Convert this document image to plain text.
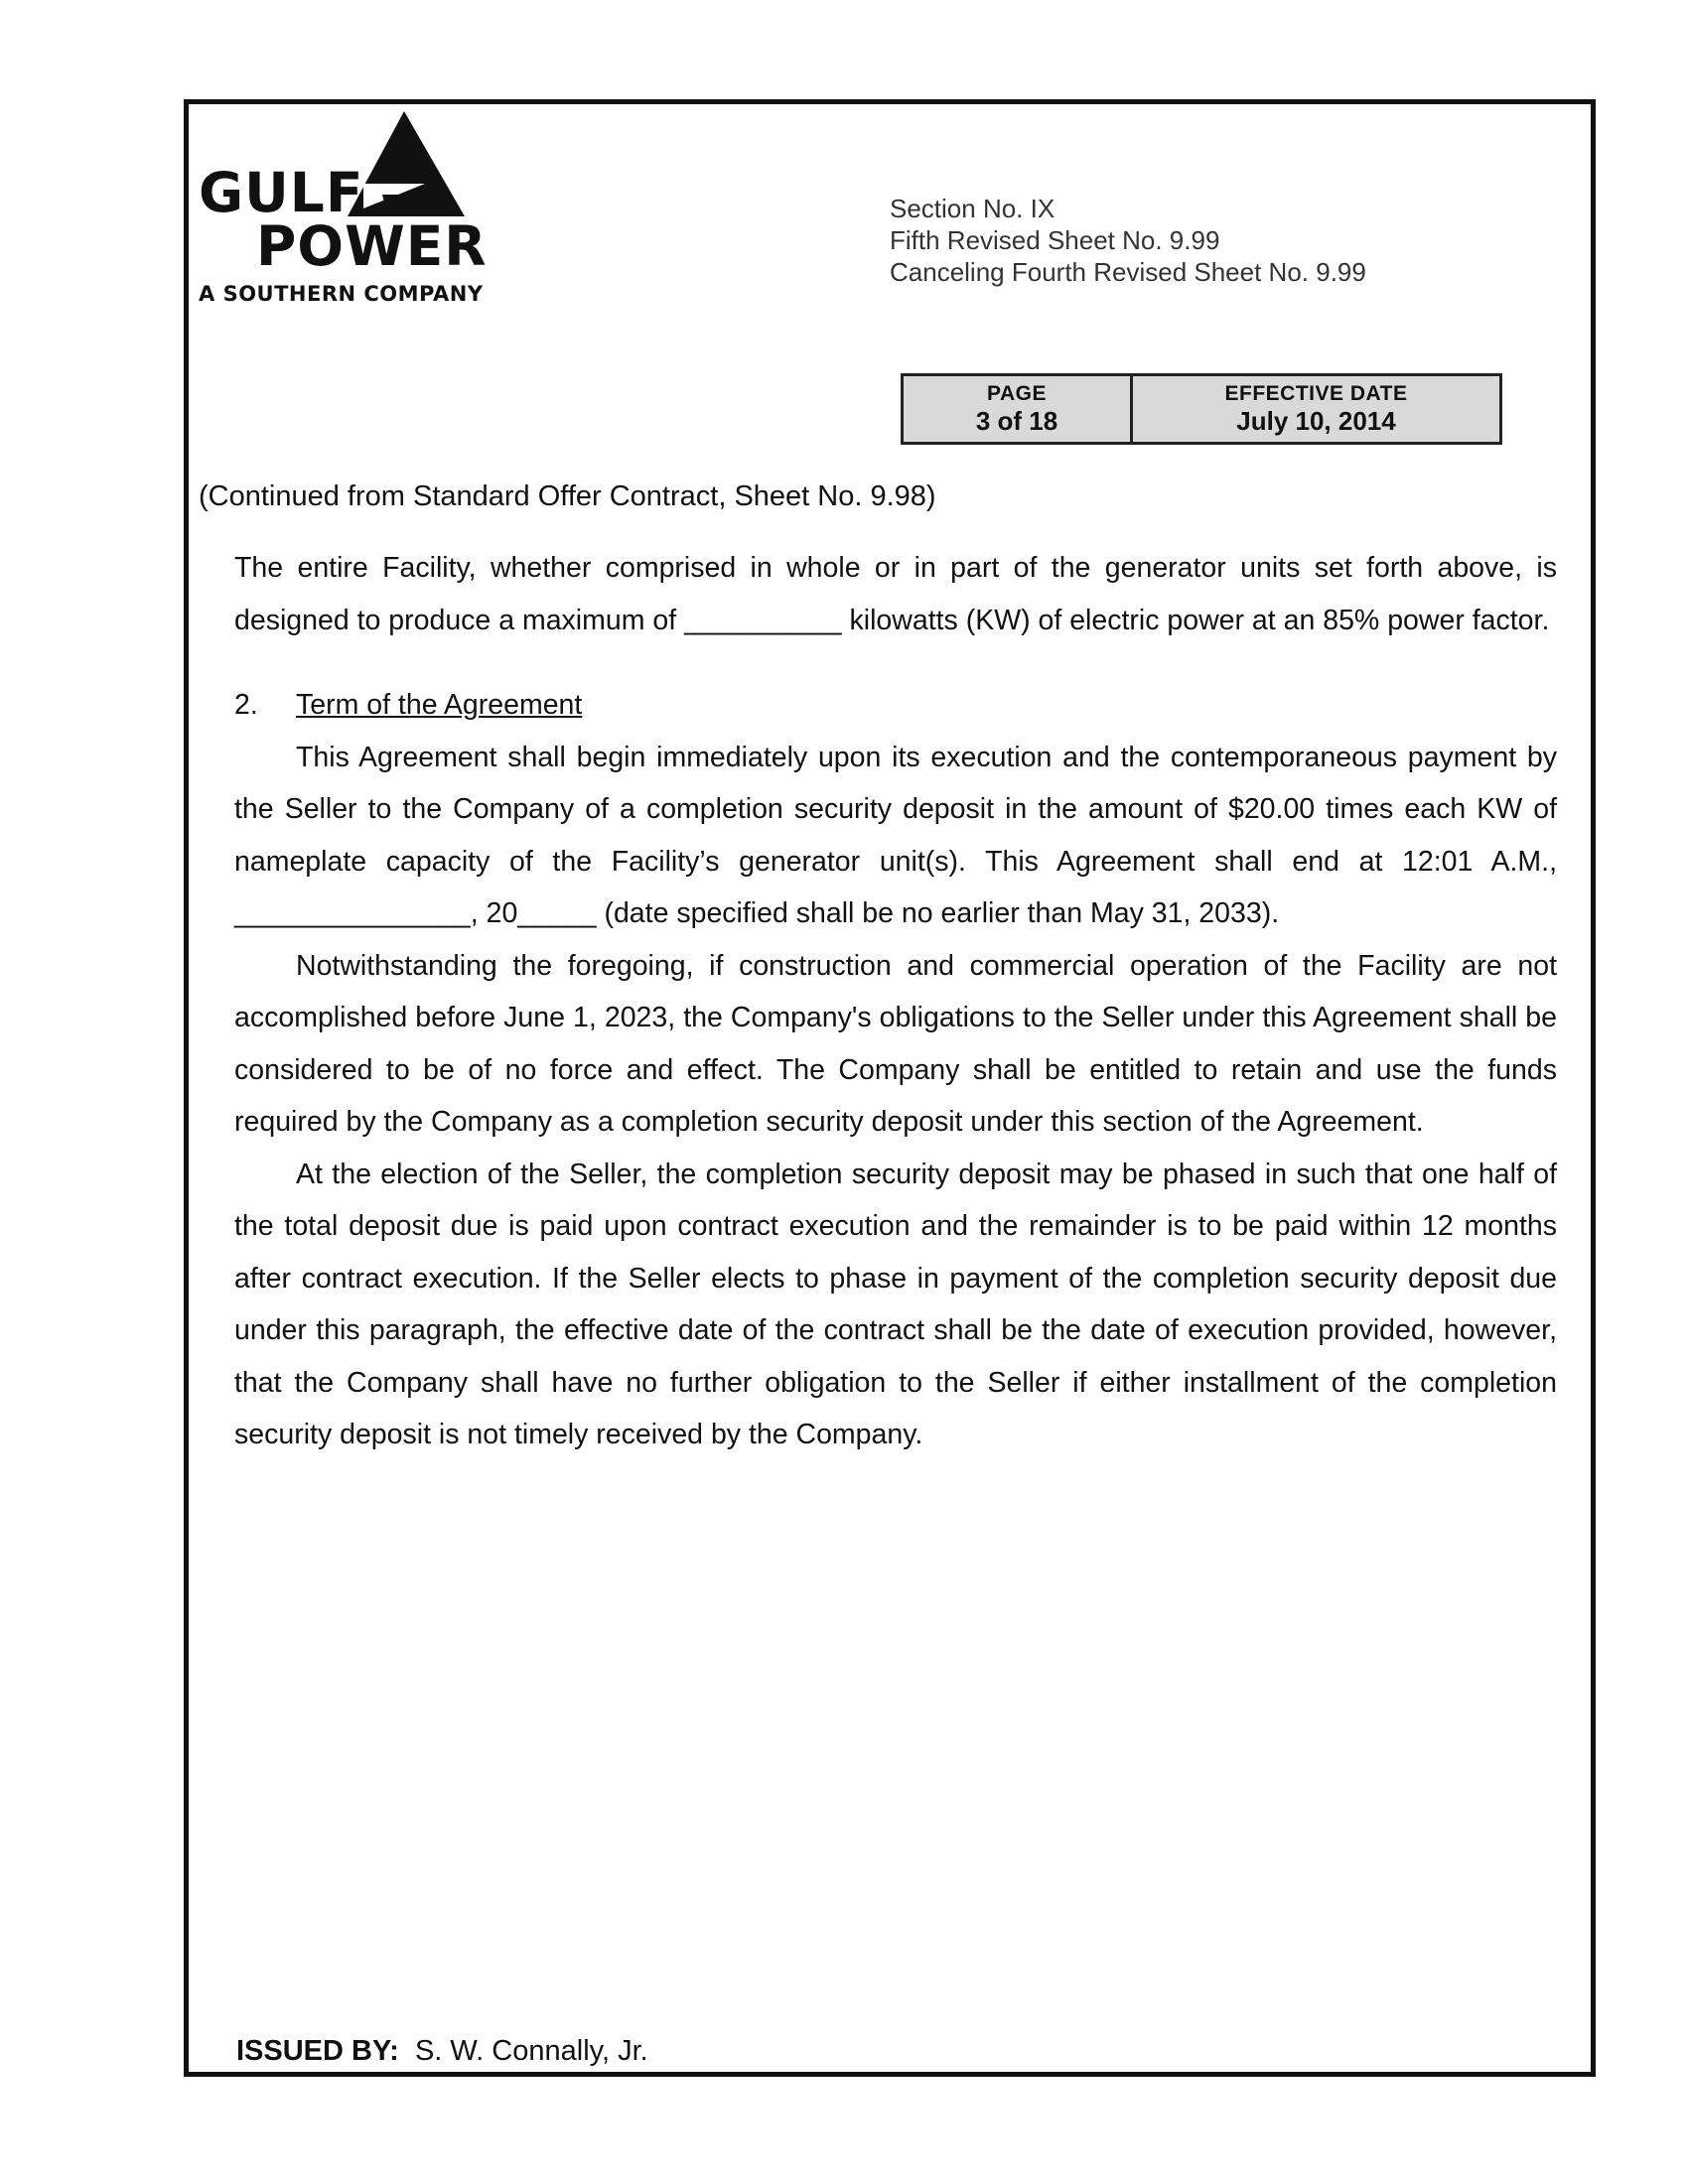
GULF
POWER
A SOUTHERN COMPANY
Section No. IX
Fifth Revised Sheet No. 9.99
Canceling Fourth Revised Sheet No. 9.99
PAGE
3 of 18
EFFECTIVE DATE
July 10, 2014
(Continued from Standard Offer Contract, Sheet No. 9.98)

The entire Facility, whether comprised in whole or in part of the generator units set forth above, is designed to produce a maximum of __________ kilowatts (KW) of electric power at an 85% power factor.

2. Term of the Agreement

This Agreement shall begin immediately upon its execution and the contemporaneous payment by the Seller to the Company of a completion security deposit in the amount of $20.00 times each KW of nameplate capacity of the Facility’s generator unit(s). This Agreement shall end at 12:01 A.M., _______________, 20_____ (date specified shall be no earlier than May 31, 2033).

Notwithstanding the foregoing, if construction and commercial operation of the Facility are not accomplished before June 1, 2023, the Company's obligations to the Seller under this Agreement shall be considered to be of no force and effect. The Company shall be entitled to retain and use the funds required by the Company as a completion security deposit under this section of the Agreement.

At the election of the Seller, the completion security deposit may be phased in such that one half of the total deposit due is paid upon contract execution and the remainder is to be paid within 12 months after contract execution. If the Seller elects to phase in payment of the completion security deposit due under this paragraph, the effective date of the contract shall be the date of execution provided, however, that the Company shall have no further obligation to the Seller if either installment of the completion security deposit is not timely received by the Company.

ISSUED BY: S. W. Connally, Jr.
